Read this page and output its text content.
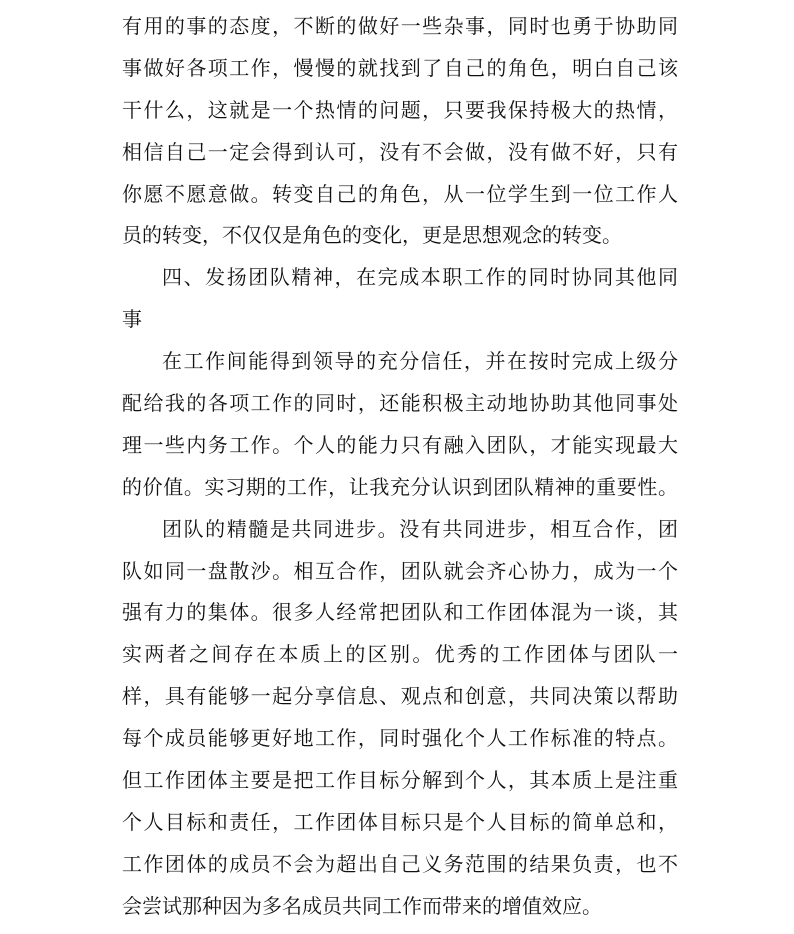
有用的事的态度，不断的做好一些杂事，同时也勇于协助同
事做好各项工作，慢慢的就找到了自己的角色，明白自己该
干什么，这就是一个热情的问题，只要我保持极大的热情，
相信自己一定会得到认可，没有不会做，没有做不好，只有
你愿不愿意做。转变自己的角色，从一位学生到一位工作人
员的转变，不仅仅是角色的变化，更是思想观念的转变。
四、发扬团队精神，在完成本职工作的同时协同其他同
事
在工作间能得到领导的充分信任，并在按时完成上级分
配给我的各项工作的同时，还能积极主动地协助其他同事处
理一些内务工作。个人的能力只有融入团队，才能实现最大
的价值。实习期的工作，让我充分认识到团队精神的重要性。
团队的精髓是共同进步。没有共同进步，相互合作，团
队如同一盘散沙。相互合作，团队就会齐心协力，成为一个
强有力的集体。很多人经常把团队和工作团体混为一谈，其
实两者之间存在本质上的区别。优秀的工作团体与团队一
样，具有能够一起分享信息、观点和创意，共同决策以帮助
每个成员能够更好地工作，同时强化个人工作标准的特点。
但工作团体主要是把工作目标分解到个人，其本质上是注重
个人目标和责任，工作团体目标只是个人目标的简单总和，
工作团体的成员不会为超出自己义务范围的结果负责，也不
会尝试那种因为多名成员共同工作而带来的增值效应。
